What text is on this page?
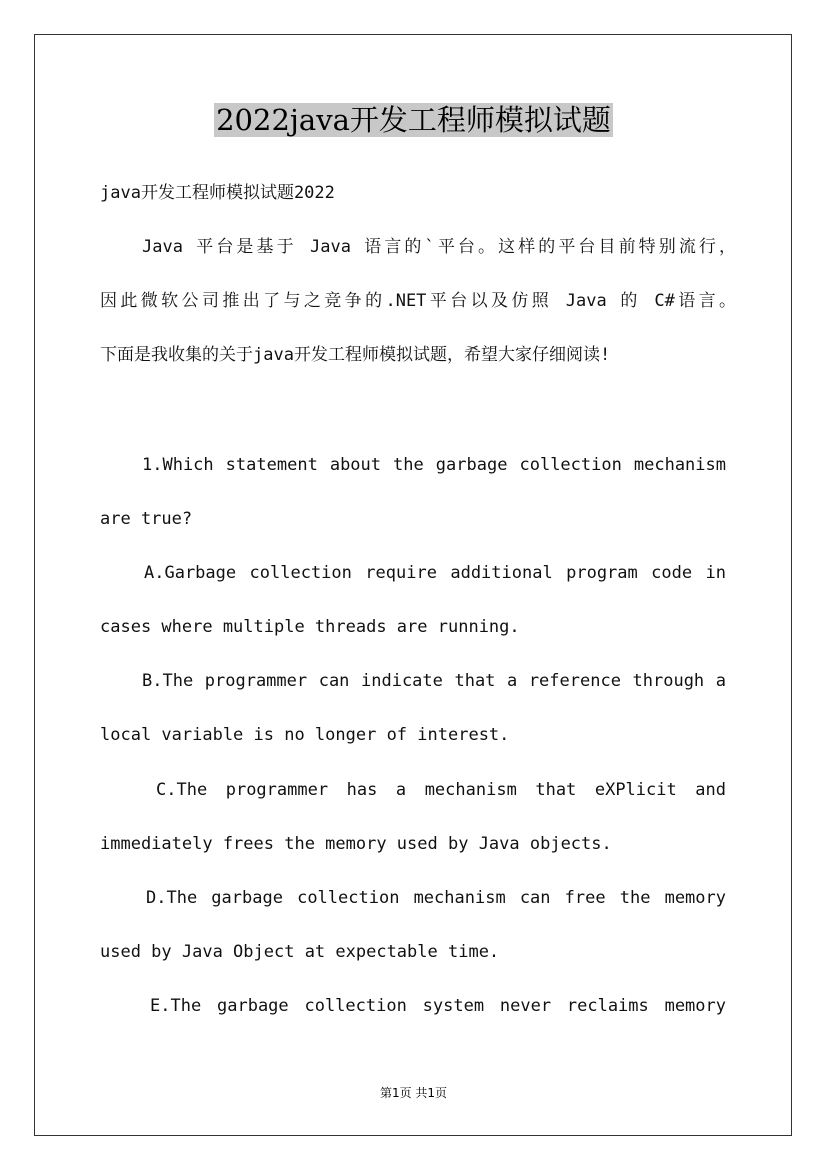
2022java开发工程师模拟试题

java开发工程师模拟试题2022

Java 平台是基于 Java 语言的`平台。这样的平台目前特别流行，

因此微软公司推出了与之竞争的.NET平台以及仿照 Java 的 C#语言。

下面是我收集的关于java开发工程师模拟试题，希望大家仔细阅读!

1.Which statement about the garbage collection mechanism

are true?

A.Garbage collection require additional program code in

cases where multiple threads are running.

B.The programmer can indicate that a reference through a

local variable is no longer of interest.

C.The programmer has a mechanism that eXPlicit and

immediately frees the memory used by Java objects.

D.The garbage collection mechanism can free the memory

used by Java Object at expectable time.

E.The garbage collection system never reclaims memory

第1页 共1页
